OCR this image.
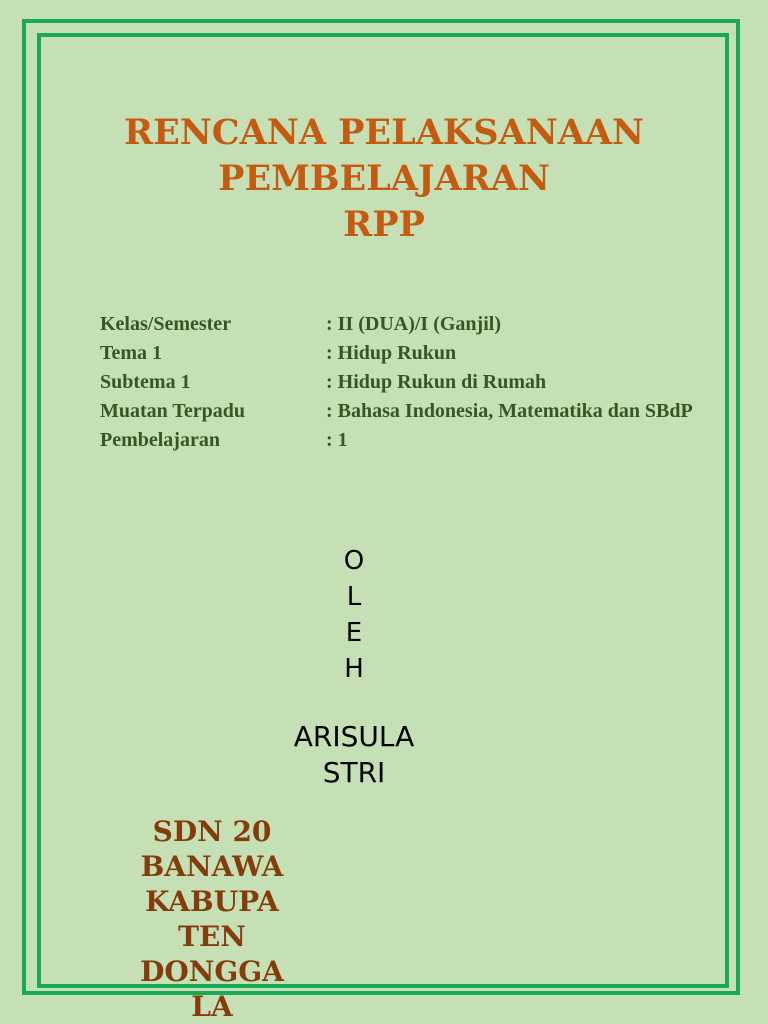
RENCANA PELAKSANAAN
PEMBELAJARAN
RPP
Kelas/Semester	: II (DUA)/I (Ganjil)
Tema 1	: Hidup Rukun
Subtema 1	: Hidup Rukun di Rumah
Muatan Terpadu	: Bahasa Indonesia, Matematika dan SBdP
Pembelajaran	: 1
O
L
E
H
ARISULA
STRI
SDN 20
BANAWA
KABUPA
TEN
DONGGA
LA
